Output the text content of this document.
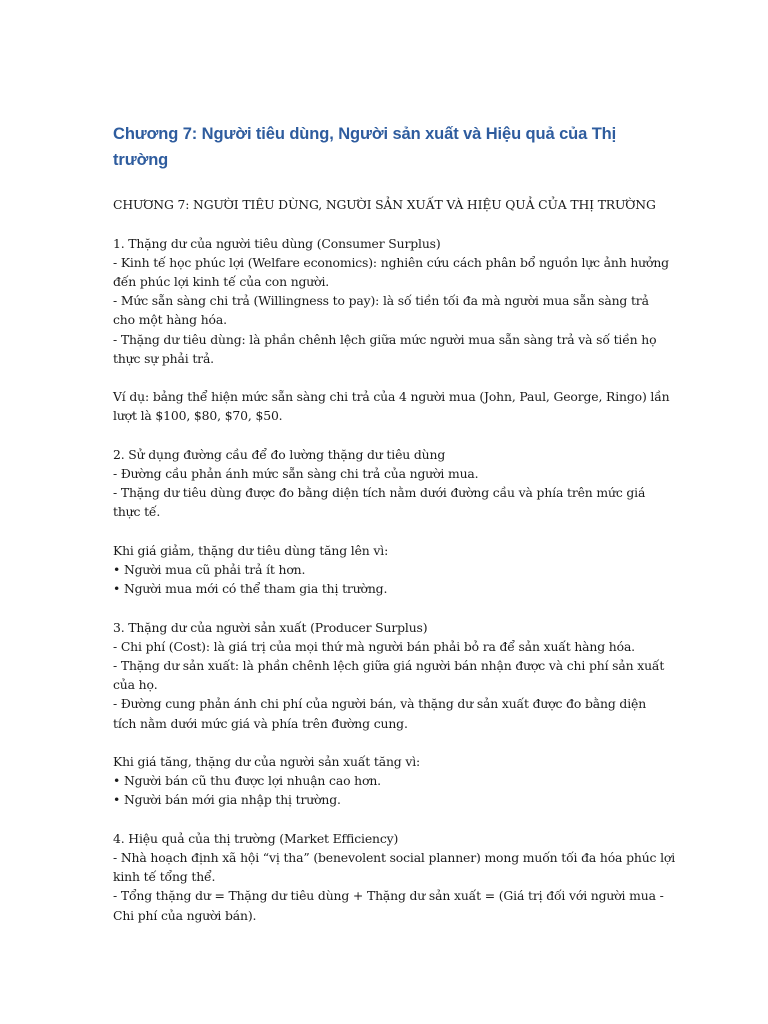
Chương 7: Người tiêu dùng, Người sản xuất và Hiệu quả của Thị trường

CHƯƠNG 7: NGƯỜI TIÊU DÙNG, NGƯỜI SẢN XUẤT VÀ HIỆU QUẢ CỦA THỊ TRƯỜNG

1. Thặng dư của người tiêu dùng (Consumer Surplus)

- Kinh tế học phúc lợi (Welfare economics): nghiên cứu cách phân bổ nguồn lực ảnh hưởng

đến phúc lợi kinh tế của con người.

- Mức sẵn sàng chi trả (Willingness to pay): là số tiền tối đa mà người mua sẵn sàng trả

cho một hàng hóa.

- Thặng dư tiêu dùng: là phần chênh lệch giữa mức người mua sẵn sàng trả và số tiền họ

thực sự phải trả.

Ví dụ: bảng thể hiện mức sẵn sàng chi trả của 4 người mua (John, Paul, George, Ringo) lần

lượt là $100, $80, $70, $50.

2. Sử dụng đường cầu để đo lường thặng dư tiêu dùng

- Đường cầu phản ánh mức sẵn sàng chi trả của người mua.

- Thặng dư tiêu dùng được đo bằng diện tích nằm dưới đường cầu và phía trên mức giá

thực tế.

Khi giá giảm, thặng dư tiêu dùng tăng lên vì:

• Người mua cũ phải trả ít hơn.

• Người mua mới có thể tham gia thị trường.

3. Thặng dư của người sản xuất (Producer Surplus)

- Chi phí (Cost): là giá trị của mọi thứ mà người bán phải bỏ ra để sản xuất hàng hóa.

- Thặng dư sản xuất: là phần chênh lệch giữa giá người bán nhận được và chi phí sản xuất

của họ.

- Đường cung phản ánh chi phí của người bán, và thặng dư sản xuất được đo bằng diện

tích nằm dưới mức giá và phía trên đường cung.

Khi giá tăng, thặng dư của người sản xuất tăng vì:

• Người bán cũ thu được lợi nhuận cao hơn.

• Người bán mới gia nhập thị trường.

4. Hiệu quả của thị trường (Market Efficiency)

- Nhà hoạch định xã hội “vị tha” (benevolent social planner) mong muốn tối đa hóa phúc lợi

kinh tế tổng thể.

- Tổng thặng dư = Thặng dư tiêu dùng + Thặng dư sản xuất = (Giá trị đối với người mua -

Chi phí của người bán).
